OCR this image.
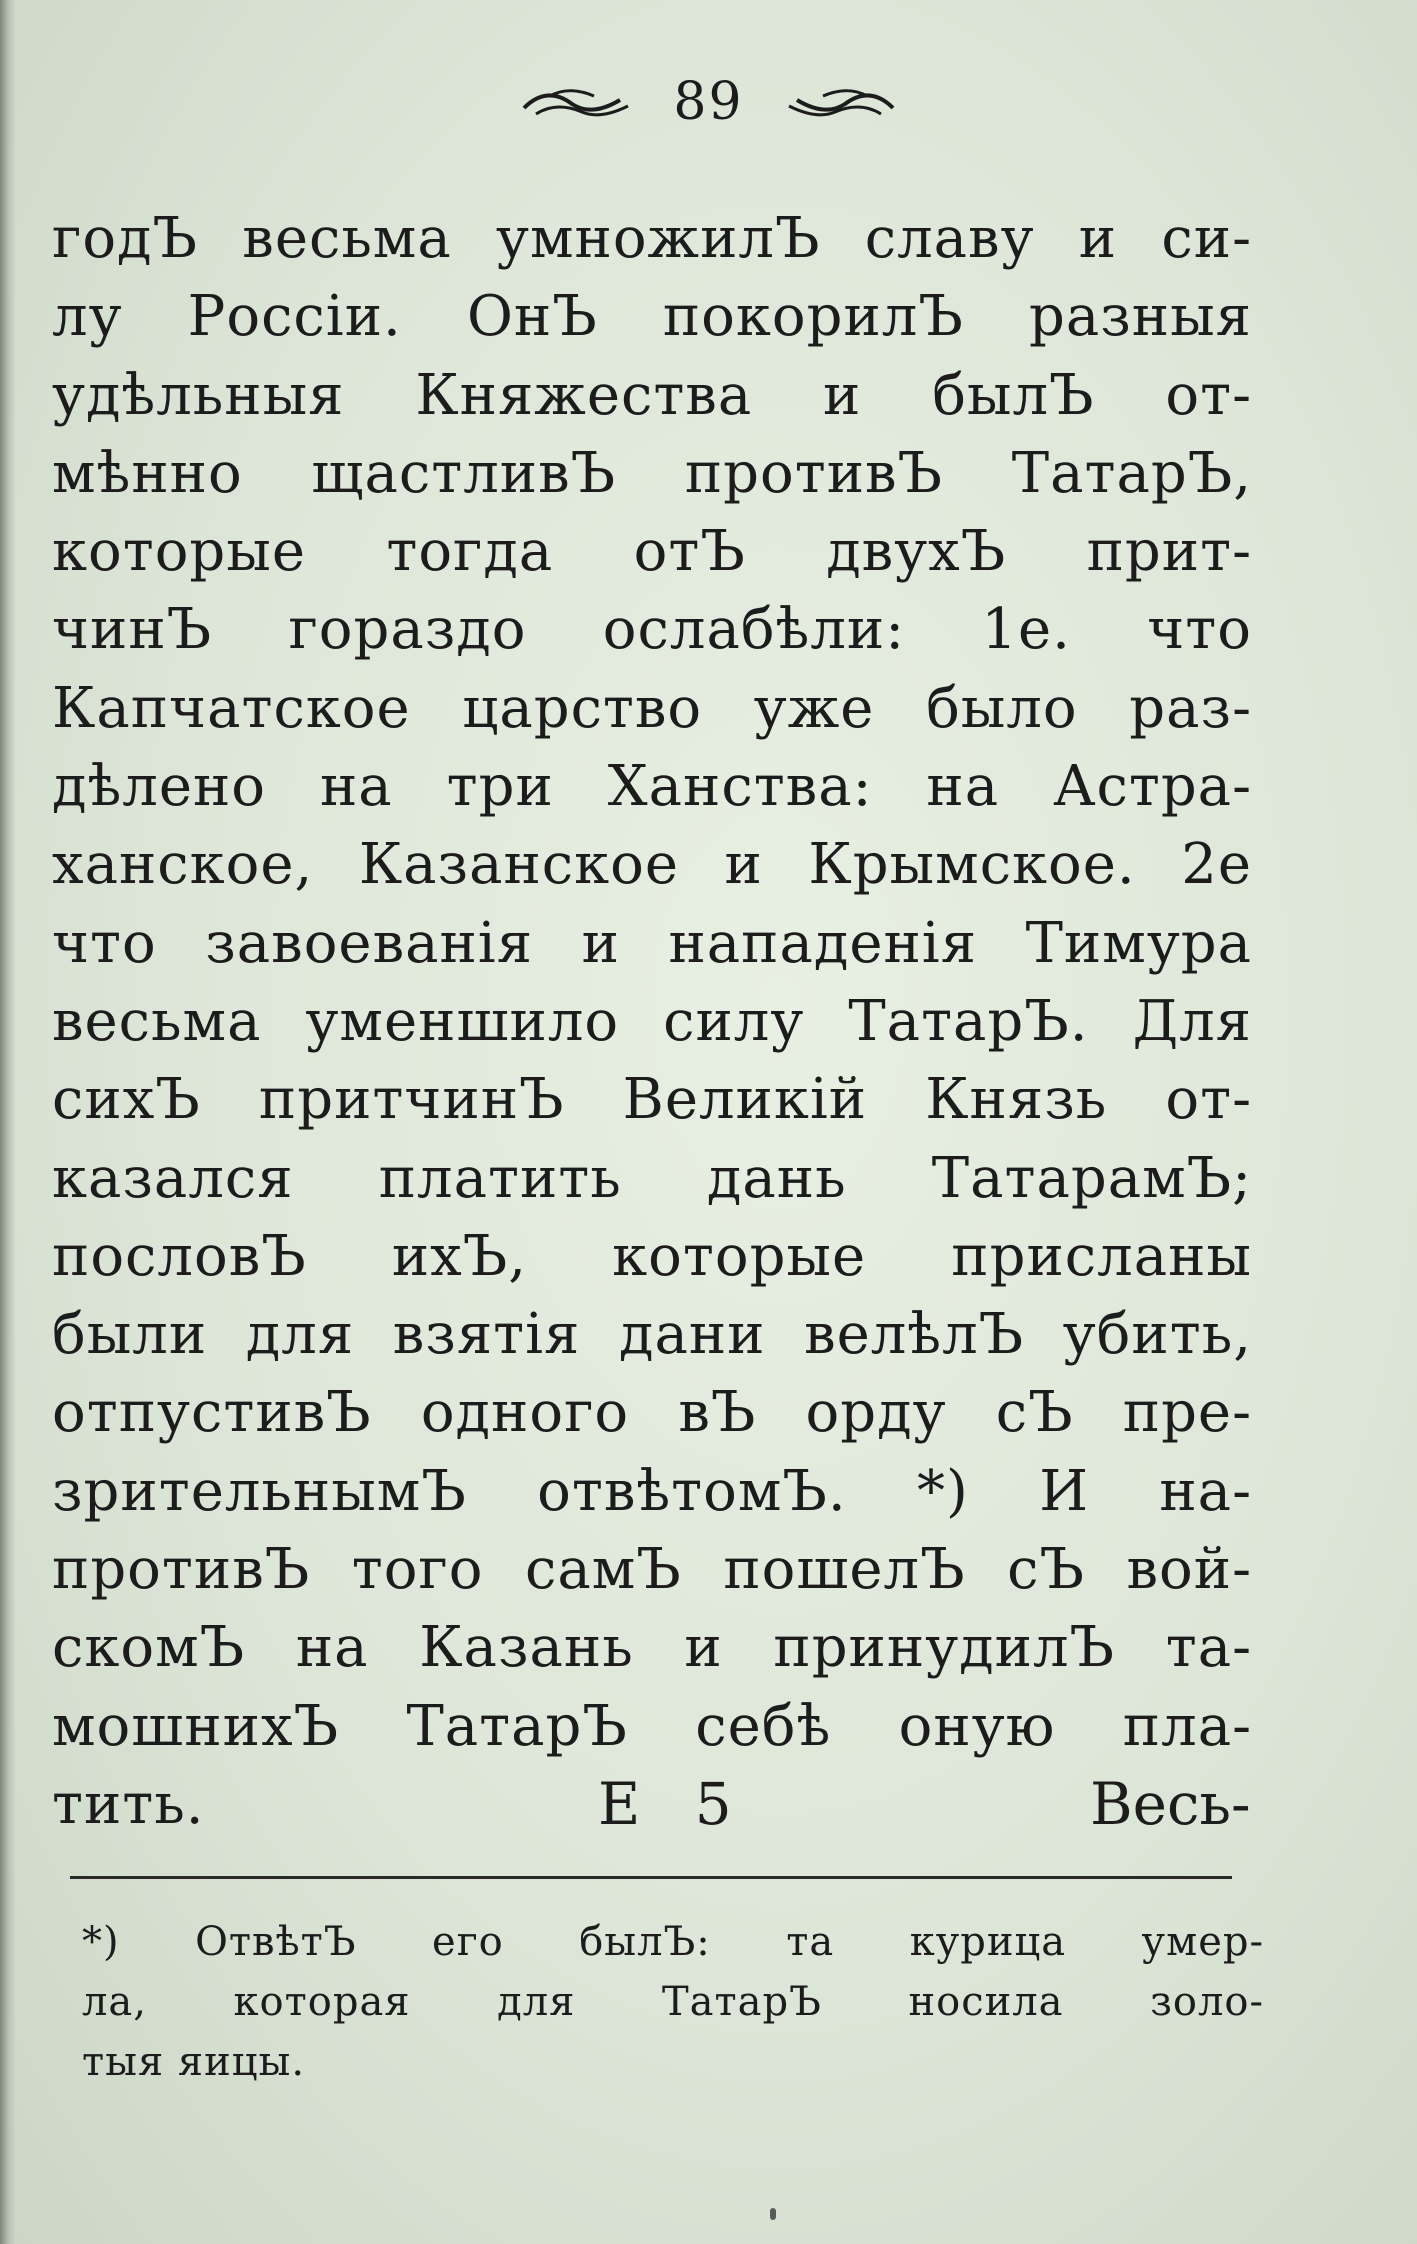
89
годЪ весьма умножилЪ славу и си-
лу Россіи. ОнЪ покорилЪ разныя
удѣльныя Княжества и былЪ от-
мѣнно щастливЪ противЪ ТатарЪ,
которые тогда отЪ двухЪ прит-
чинЪ гораздо ослабѣли: 1е. что
Капчатское царство уже было раз-
дѣлено на три Ханства: на Астра-
ханское, Казанское и Крымское. 2е
что завоеванія и нападенія Тимура
весьма уменшило силу ТатарЪ. Для
сихЪ притчинЪ Великій Князь от-
казался платить дань ТатарамЪ;
пословЪ ихЪ, которые присланы
были для взятія дани велѣлЪ убить,
отпустивЪ одного вЪ орду сЪ пре-
зрительнымЪ отвѣтомЪ. *) И на-
противЪ того самЪ пошелЪ сЪ вой-
скомЪ на Казань и принудилЪ та-
мошнихЪ ТатарЪ себѣ оную пла-
тить.	Е 5	Весь-
*) ОтвѣтЪ его былЪ: та курица умер-
ла, которая для ТатарЪ носила золо-
тыя яицы.
